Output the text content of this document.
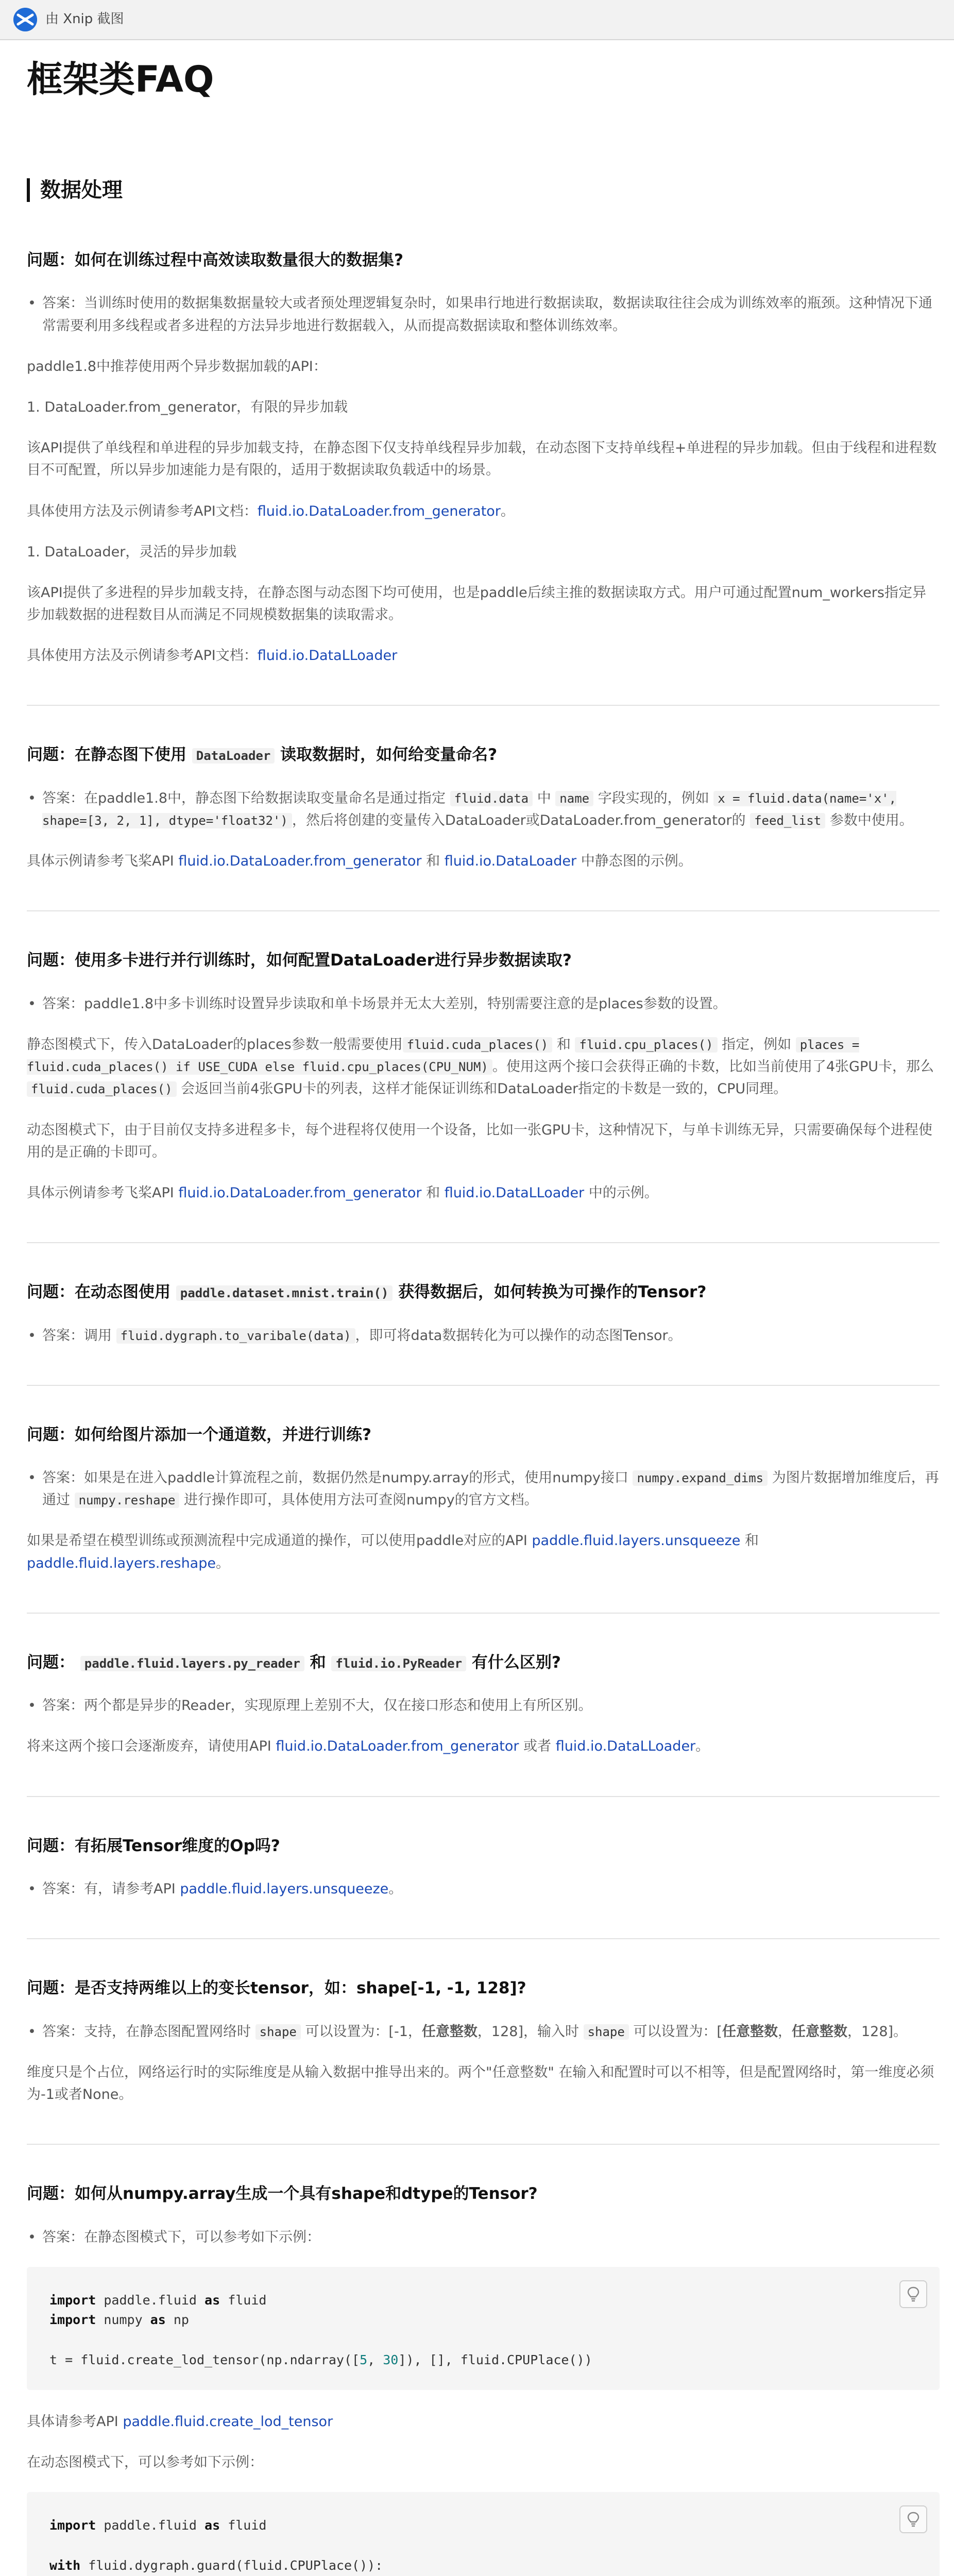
由 Xnip 截图
框架类FAQ
数据处理
问题：如何在训练过程中高效读取数量很大的数据集?
• 答案：当训练时使用的数据集数据量较大或者预处理逻辑复杂时，如果串行地进行数据读取，数据读取往往会成为训练效率的瓶颈。这种情况下通常需要利用多线程或者多进程的方法异步地进行数据载入，从而提高数据读取和整体训练效率。

paddle1.8中推荐使用两个异步数据加载的API：

1. DataLoader.from_generator，有限的异步加载

该API提供了单线程和单进程的异步加载支持，在静态图下仅支持单线程异步加载，在动态图下支持单线程+单进程的异步加载。但由于线程和进程数目不可配置，所以异步加速能力是有限的，适用于数据读取负载适中的场景。

具体使用方法及示例请参考API文档：fluid.io.DataLoader.from_generator。

1. DataLoader，灵活的异步加载

该API提供了多进程的异步加载支持，在静态图与动态图下均可使用，也是paddle后续主推的数据读取方式。用户可通过配置num_workers指定异步加载数据的进程数目从而满足不同规模数据集的读取需求。

具体使用方法及示例请参考API文档：fluid.io.DataLLoader

问题：在静态图下使用 DataLoader 读取数据时，如何给变量命名?
• 答案：在paddle1.8中，静态图下给数据读取变量命名是通过指定 fluid.data 中 name 字段实现的，例如 x = fluid.data(name='x', shape=[3, 2, 1], dtype='float32') ，然后将创建的变量传入DataLoader或DataLoader.from_generator的 feed_list 参数中使用。

具体示例请参考飞桨API fluid.io.DataLoader.from_generator 和 fluid.io.DataLoader 中静态图的示例。

问题：使用多卡进行并行训练时，如何配置DataLoader进行异步数据读取?
• 答案：paddle1.8中多卡训练时设置异步读取和单卡场景并无太大差别，特别需要注意的是places参数的设置。

静态图模式下，传入DataLoader的places参数一般需要使用 fluid.cuda_places() 和 fluid.cpu_places() 指定，例如 places = fluid.cuda_places() if USE_CUDA else fluid.cpu_places(CPU_NUM) 。使用这两个接口会获得正确的卡数，比如当前使用了4张GPU卡，那么 fluid.cuda_places() 会返回当前4张GPU卡的列表，这样才能保证训练和DataLoader指定的卡数是一致的，CPU同理。

动态图模式下，由于目前仅支持多进程多卡，每个进程将仅使用一个设备，比如一张GPU卡，这种情况下，与单卡训练无异，只需要确保每个进程使用的是正确的卡即可。

具体示例请参考飞桨API fluid.io.DataLoader.from_generator 和 fluid.io.DataLLoader 中的示例。

问题：在动态图使用 paddle.dataset.mnist.train() 获得数据后，如何转换为可操作的Tensor?
• 答案：调用 fluid.dygraph.to_varibale(data) ，即可将data数据转化为可以操作的动态图Tensor。
问题：如何给图片添加一个通道数，并进行训练?
• 答案：如果是在进入paddle计算流程之前，数据仍然是numpy.array的形式，使用numpy接口 numpy.expand_dims 为图片数据增加维度后，再通过 numpy.reshape 进行操作即可，具体使用方法可查阅numpy的官方文档。

如果是希望在模型训练或预测流程中完成通道的操作，可以使用paddle对应的API paddle.fluid.layers.unsqueeze 和 paddle.fluid.layers.reshape。

问题： paddle.fluid.layers.py_reader 和 fluid.io.PyReader 有什么区别?
• 答案：两个都是异步的Reader，实现原理上差别不大，仅在接口形态和使用上有所区别。

将来这两个接口会逐渐废弃，请使用API fluid.io.DataLoader.from_generator 或者 fluid.io.DataLLoader。

问题：有拓展Tensor维度的Op吗?
• 答案：有，请参考API paddle.fluid.layers.unsqueeze。
问题：是否支持两维以上的变长tensor，如：shape[-1, -1, 128]?
• 答案：支持，在静态图配置网络时 shape 可以设置为：[-1，任意整数，128]，输入时 shape 可以设置为：[任意整数，任意整数，128]。

维度只是个占位，网络运行时的实际维度是从输入数据中推导出来的。两个"任意整数" 在输入和配置时可以不相等，但是配置网络时，第一维度必须为-1或者None。

问题：如何从numpy.array生成一个具有shape和dtype的Tensor?
• 答案：在静态图模式下，可以参考如下示例：
import paddle.fluid as fluid
import numpy as np

t = fluid.create_lod_tensor(np.ndarray([5, 30]), [], fluid.CPUPlace())

具体请参考API paddle.fluid.create_lod_tensor

在动态图模式下，可以参考如下示例：

import paddle.fluid as fluid

with fluid.dygraph.guard(fluid.CPUPlace()):
